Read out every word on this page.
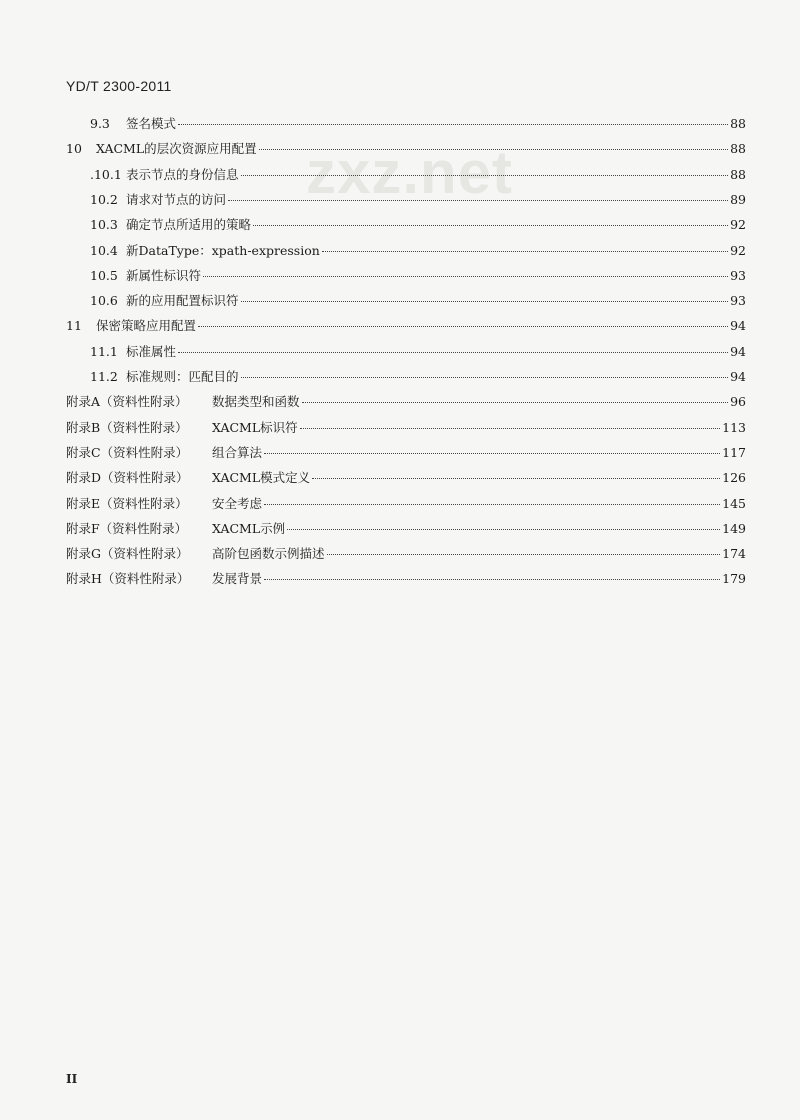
YD/T 2300-2011
zxz.net
9.3	签名模式	88
10	XACML的层次资源应用配置	88
.10.1 表示节点的身份信息	88
10.2 请求对节点的访问	89
10.3 确定节点所适用的策略	92
10.4 新DataType：xpath-expression	92
10.5 新属性标识符	93
10.6 新的应用配置标识符	93
11	保密策略应用配置	94
11.1 标准属性	94
11.2 标准规则：匹配目的	94
附录A（资料性附录）	数据类型和函数	96
附录B（资料性附录）	XACML标识符	113
附录C（资料性附录）	组合算法	117
附录D（资料性附录）	XACML模式定义	126
附录E（资料性附录）	安全考虑	145
附录F（资料性附录）	XACML示例	149
附录G（资料性附录）	高阶包函数示例描述	174
附录H（资料性附录）	发展背景	179
II
